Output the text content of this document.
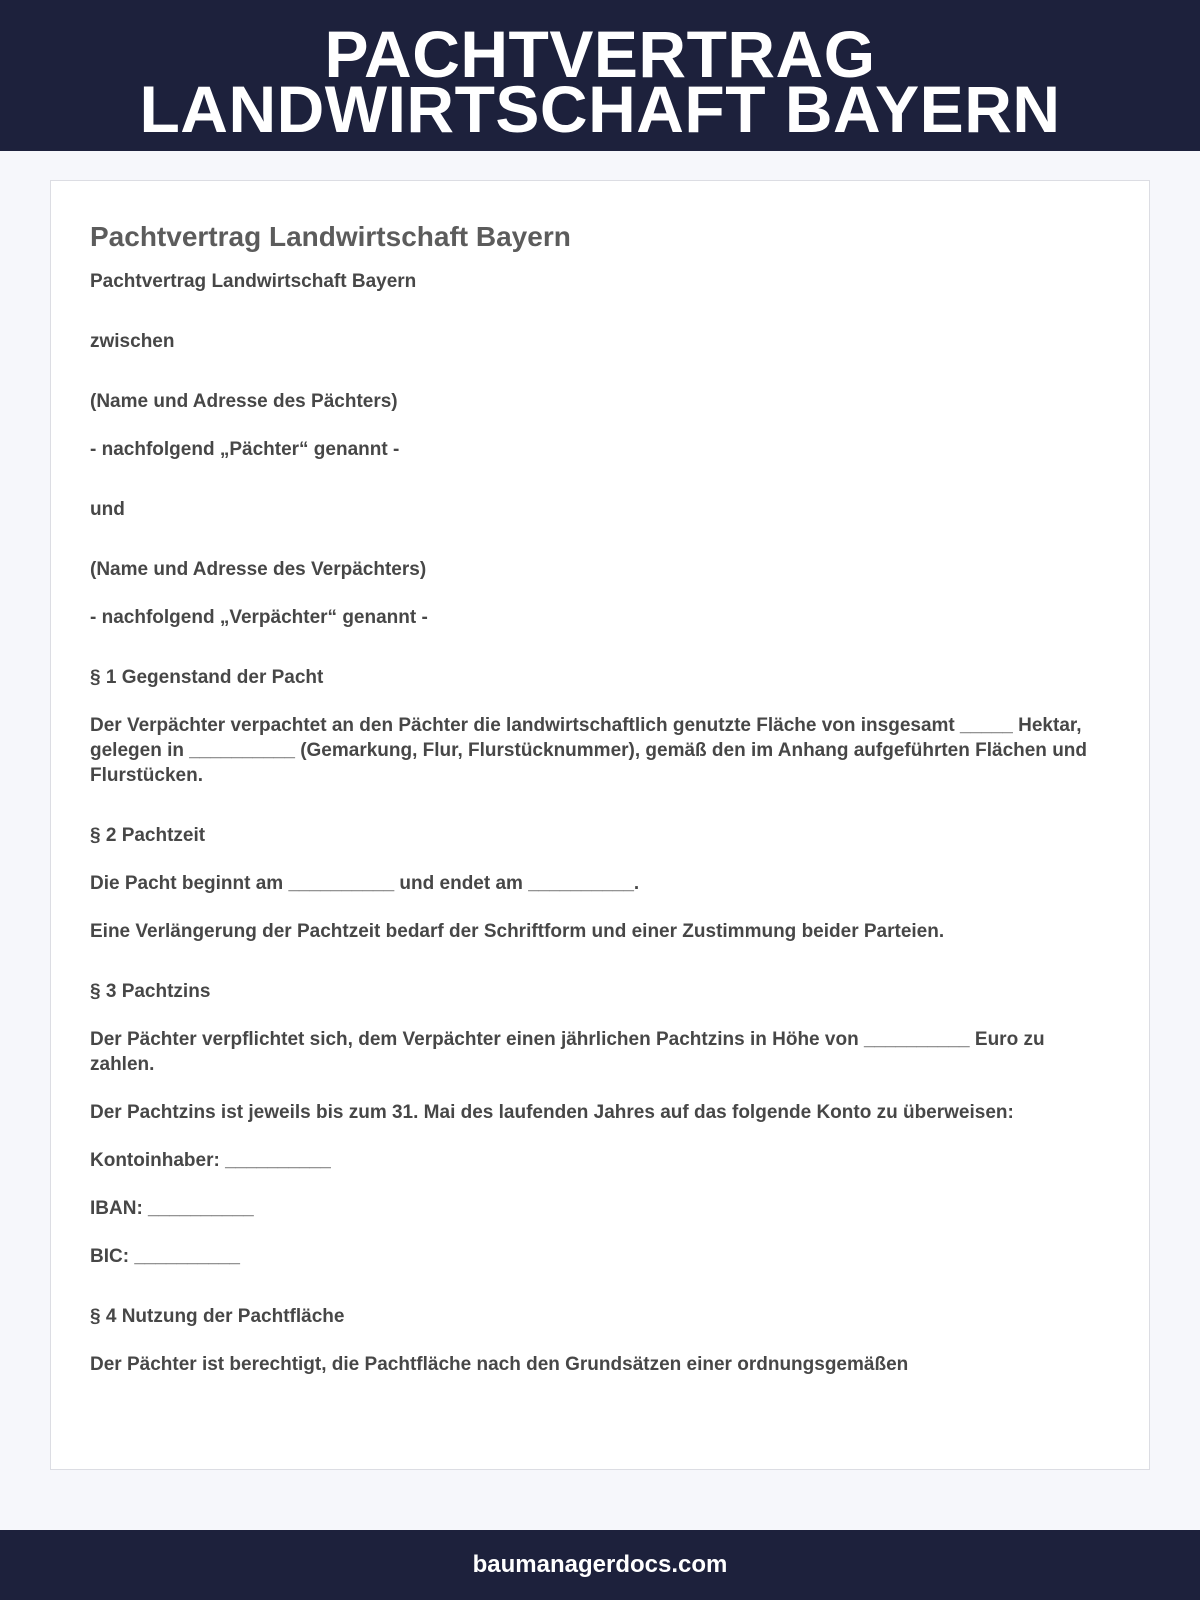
PACHTVERTRAG
LANDWIRTSCHAFT BAYERN
Pachtvertrag Landwirtschaft Bayern

Pachtvertrag Landwirtschaft Bayern

zwischen

(Name und Adresse des Pächters)

- nachfolgend „Pächter“ genannt -

und

(Name und Adresse des Verpächters)

- nachfolgend „Verpächter“ genannt -

§ 1 Gegenstand der Pacht

Der Verpächter verpachtet an den Pächter die landwirtschaftlich genutzte Fläche von insgesamt _____ Hektar, gelegen in __________ (Gemarkung, Flur, Flurstücknummer), gemäß den im Anhang aufgeführten Flächen und Flurstücken.

§ 2 Pachtzeit

Die Pacht beginnt am __________ und endet am __________.

Eine Verlängerung der Pachtzeit bedarf der Schriftform und einer Zustimmung beider Parteien.

§ 3 Pachtzins

Der Pächter verpflichtet sich, dem Verpächter einen jährlichen Pachtzins in Höhe von __________ Euro zu zahlen.

Der Pachtzins ist jeweils bis zum 31. Mai des laufenden Jahres auf das folgende Konto zu überweisen:

Kontoinhaber: __________

IBAN: __________

BIC: __________

§ 4 Nutzung der Pachtfläche

Der Pächter ist berechtigt, die Pachtfläche nach den Grundsätzen einer ordnungsgemäßen

baumanagerdocs.com
